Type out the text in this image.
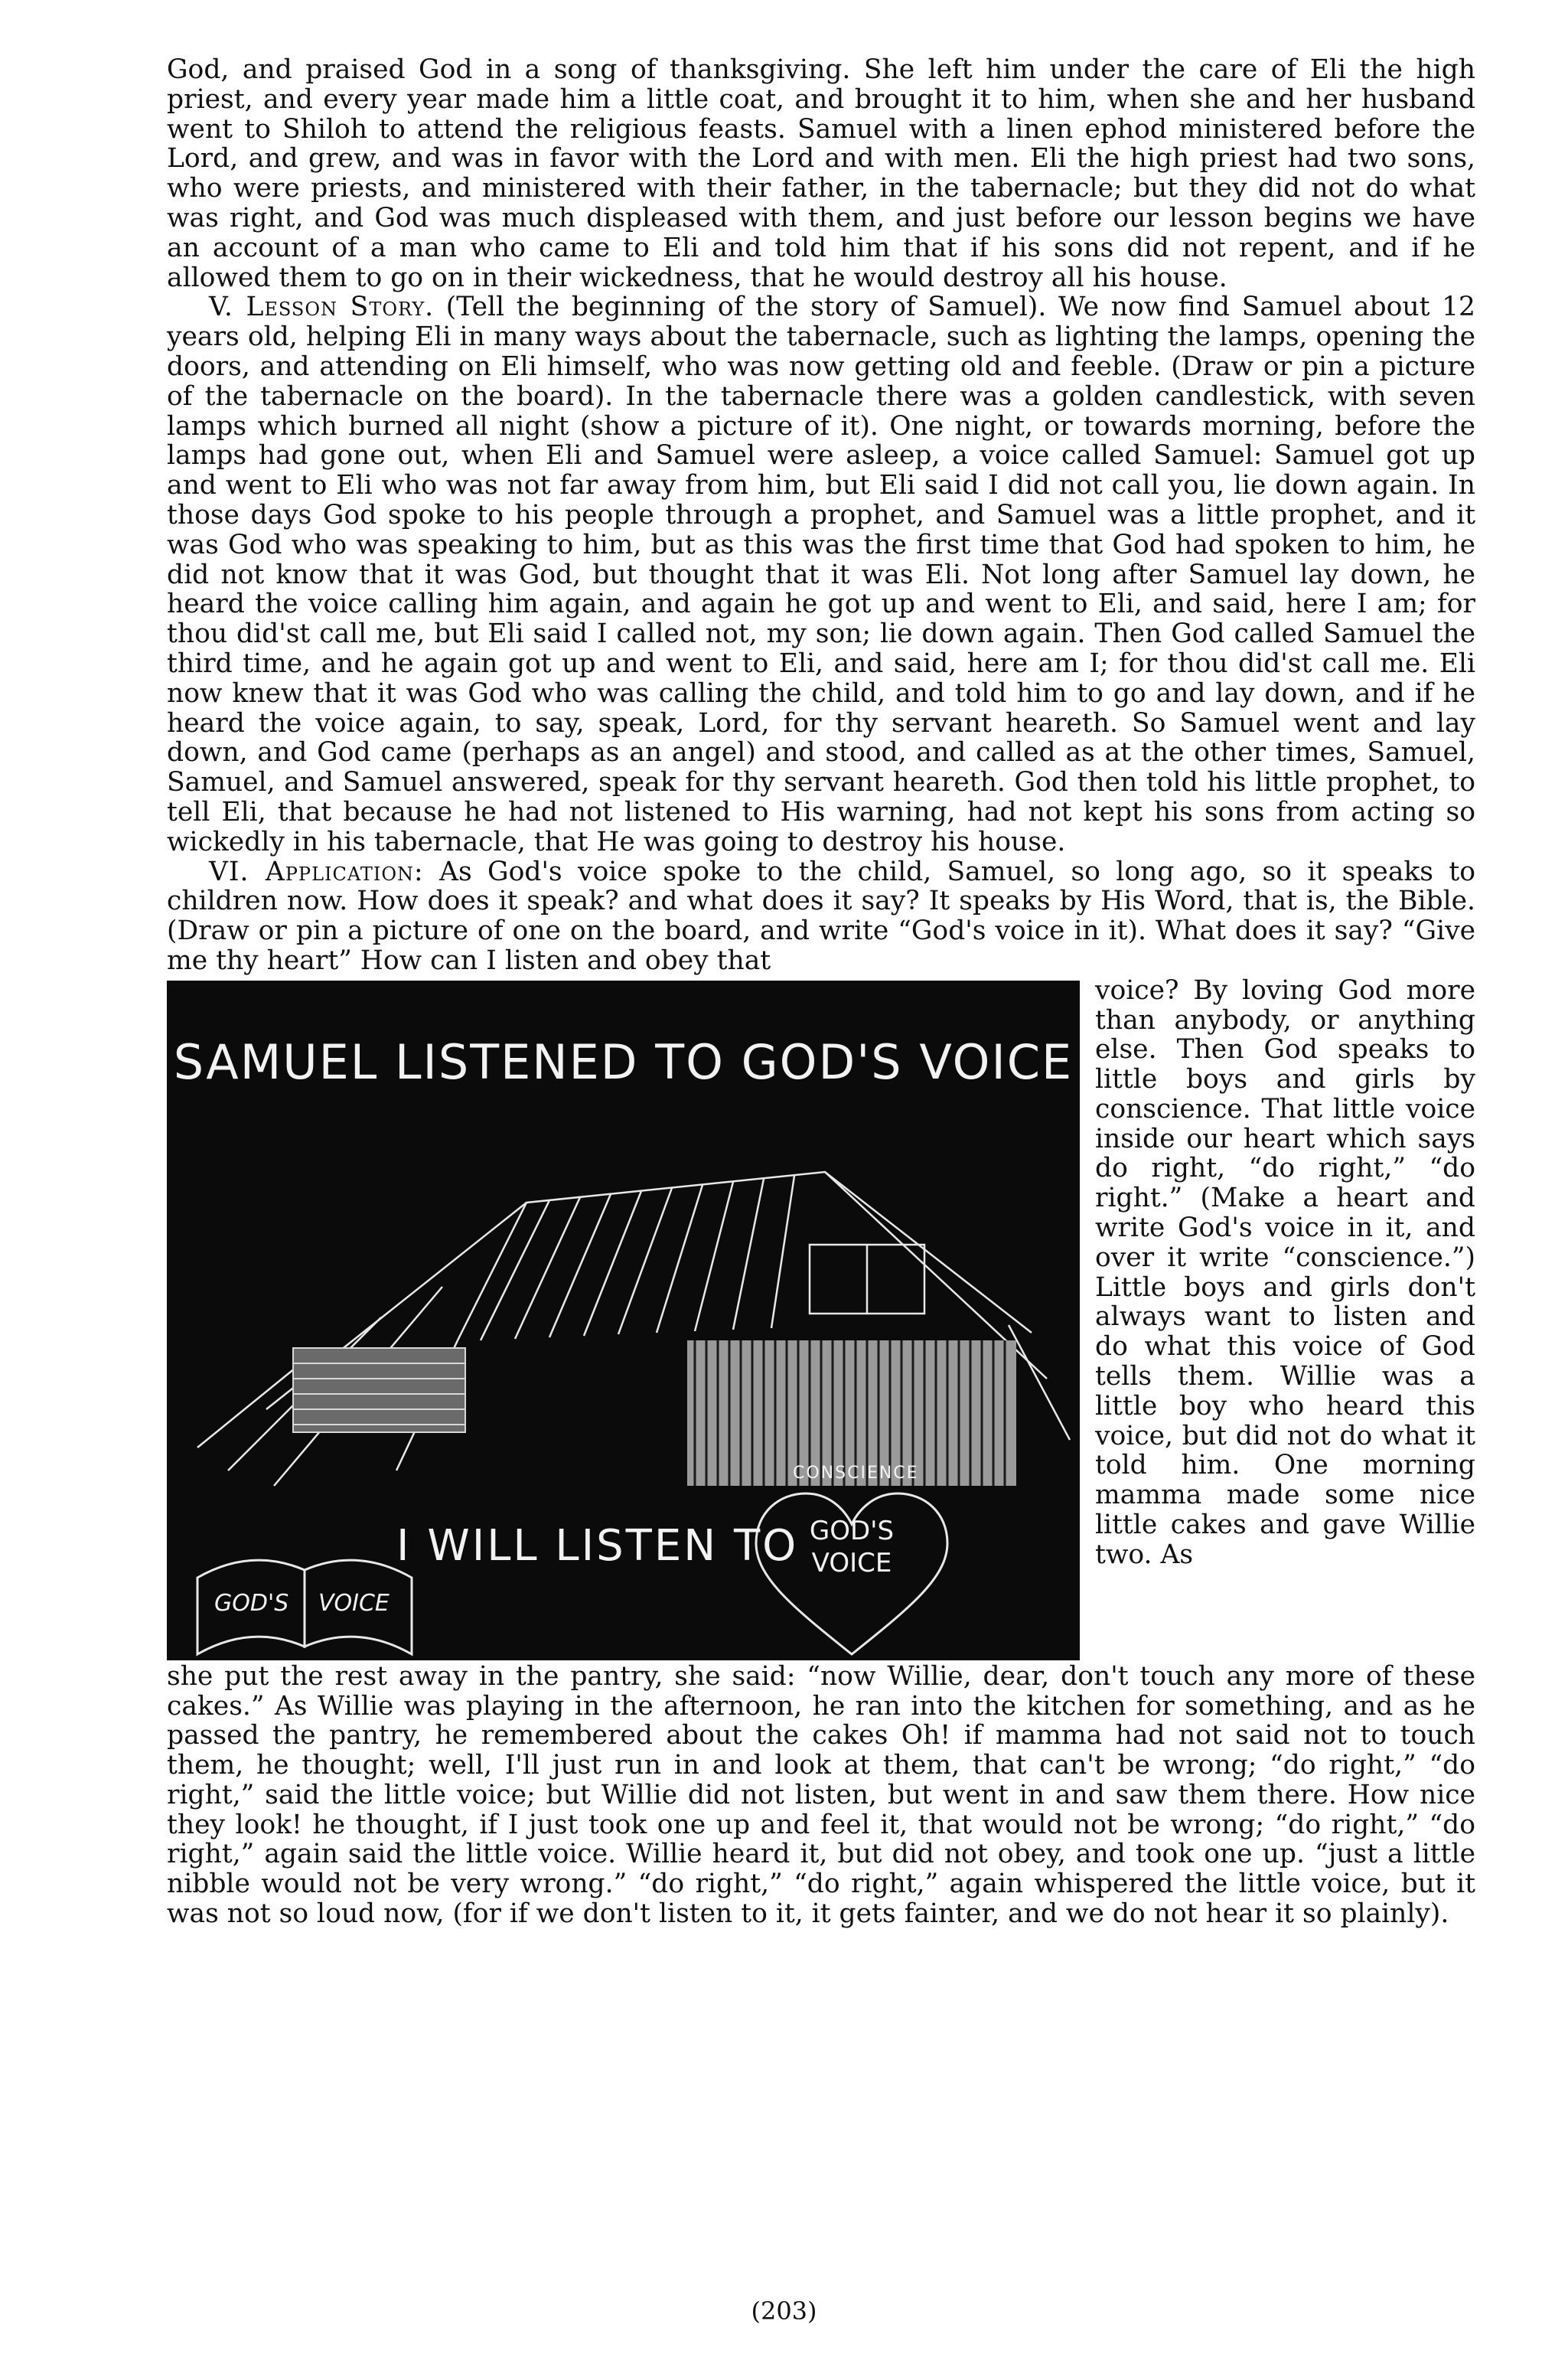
God, and praised God in a song of thanksgiving. She left him under the care of Eli the high priest, and every year made him a little coat, and brought it to him, when she and her husband went to Shiloh to attend the religious feasts. Samuel with a linen ephod ministered before the Lord, and grew, and was in favor with the Lord and with men. Eli the high priest had two sons, who were priests, and ministered with their father, in the tabernacle; but they did not do what was right, and God was much displeased with them, and just before our lesson begins we have an account of a man who came to Eli and told him that if his sons did not repent, and if he allowed them to go on in their wickedness, that he would destroy all his house.

V. Lesson Story. (Tell the beginning of the story of Samuel). We now find Samuel about 12 years old, helping Eli in many ways about the tabernacle, such as lighting the lamps, opening the doors, and attending on Eli himself, who was now getting old and feeble. (Draw or pin a picture of the tabernacle on the board). In the tabernacle there was a golden candlestick, with seven lamps which burned all night (show a picture of it). One night, or towards morning, before the lamps had gone out, when Eli and Samuel were asleep, a voice called Samuel: Samuel got up and went to Eli who was not far away from him, but Eli said I did not call you, lie down again. In those days God spoke to his people through a prophet, and Samuel was a little prophet, and it was God who was speaking to him, but as this was the first time that God had spoken to him, he did not know that it was God, but thought that it was Eli. Not long after Samuel lay down, he heard the voice calling him again, and again he got up and went to Eli, and said, here I am; for thou did'st call me, but Eli said I called not, my son; lie down again. Then God called Samuel the third time, and he again got up and went to Eli, and said, here am I; for thou did'st call me. Eli now knew that it was God who was calling the child, and told him to go and lay down, and if he heard the voice again, to say, speak, Lord, for thy servant heareth. So Samuel went and lay down, and God came (perhaps as an angel) and stood, and called as at the other times, Samuel, Samuel, and Samuel answered, speak for thy servant heareth. God then told his little prophet, to tell Eli, that because he had not listened to His warning, had not kept his sons from acting so wickedly in his tabernacle, that He was going to destroy his house.

VI. Application: As God's voice spoke to the child, Samuel, so long ago, so it speaks to children now. How does it speak? and what does it say? It speaks by His Word, that is, the Bible. (Draw or pin a picture of one on the board, and write “God's voice in it). What does it say? “Give me thy heart” How can I listen and obey that

SAMUEL LISTENED TO GOD'S VOICE
I WILL LISTEN TO
GOD'S VOICE
CONSCIENCE
GOD'S
VOICE

voice? By loving God more than anybody, or anything else. Then God speaks to little boys and girls by conscience. That little voice inside our heart which says do right, “do right,” “do right.” (Make a heart and write God's voice in it, and over it write “conscience.”) Little boys and girls don't always want to listen and do what this voice of God tells them. Willie was a little boy who heard this voice, but did not do what it told him. One morning mamma made some nice little cakes and gave Willie two. As

she put the rest away in the pantry, she said: “now Willie, dear, don't touch any more of these cakes.” As Willie was playing in the afternoon, he ran into the kitchen for something, and as he passed the pantry, he remembered about the cakes Oh! if mamma had not said not to touch them, he thought; well, I'll just run in and look at them, that can't be wrong; “do right,” “do right,” said the little voice; but Willie did not listen, but went in and saw them there. How nice they look! he thought, if I just took one up and feel it, that would not be wrong; “do right,” “do right,” again said the little voice. Willie heard it, but did not obey, and took one up. “just a little nibble would not be very wrong.” “do right,” “do right,” again whispered the little voice, but it was not so loud now, (for if we don't listen to it, it gets fainter, and we do not hear it so plainly).

(203)
